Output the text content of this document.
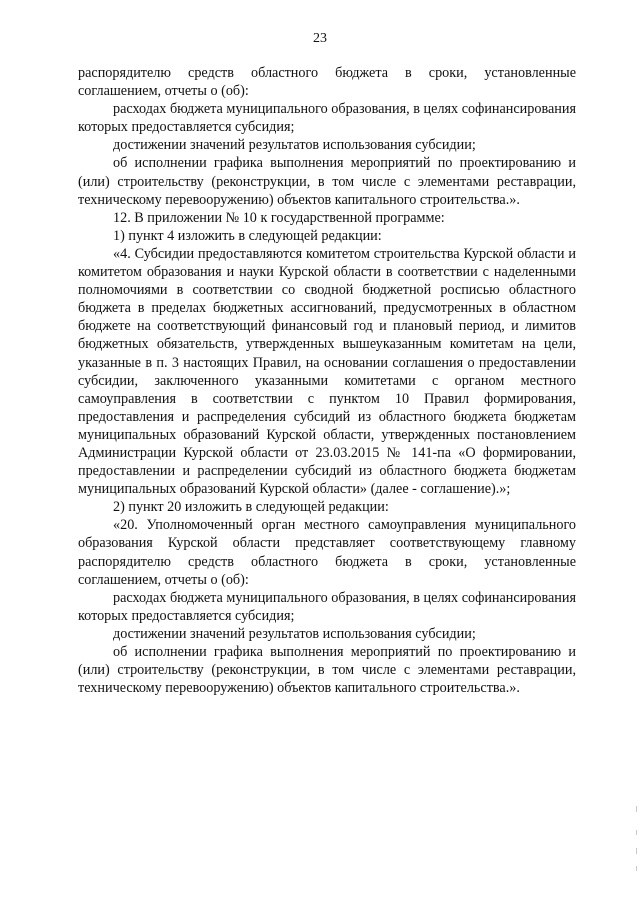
23

распорядителю средств областного бюджета в сроки, установленные соглашением, отчеты о (об):

расходах бюджета муниципального образования, в целях софинансирования которых предоставляется субсидия;

достижении значений результатов использования субсидии;

об исполнении графика выполнения мероприятий по проектированию и (или) строительству (реконструкции, в том числе с элементами реставрации, техническому перевооружению) объектов капитального строительства.».

12. В приложении № 10 к государственной программе:

1) пункт 4 изложить в следующей редакции:

«4. Субсидии предоставляются комитетом строительства Курской области и комитетом образования и науки Курской области в соответствии с наделенными полномочиями в соответствии со сводной бюджетной росписью областного бюджета в пределах бюджетных ассигнований, предусмотренных в областном бюджете на соответствующий финансовый год и плановый период, и лимитов бюджетных обязательств, утвержденных вышеуказанным комитетам на цели, указанные в п. 3 настоящих Правил, на основании соглашения о предоставлении субсидии, заключенного указанными комитетами с органом местного самоуправления в соответствии с пунктом 10 Правил формирования, предоставления и распределения субсидий из областного бюджета бюджетам муниципальных образований Курской области, утвержденных постановлением Администрации Курской области от 23.03.2015 № 141-па «О формировании, предоставлении и распределении субсидий из областного бюджета бюджетам муниципальных образований Курской области» (далее - соглашение).»;

2) пункт 20 изложить в следующей редакции:

«20. Уполномоченный орган местного самоуправления муниципального образования Курской области представляет соответствующему главному распорядителю средств областного бюджета в сроки, установленные соглашением, отчеты о (об):

расходах бюджета муниципального образования, в целях софинансирования которых предоставляется субсидия;

достижении значений результатов использования субсидии;

об исполнении графика выполнения мероприятий по проектированию и (или) строительству (реконструкции, в том числе с элементами реставрации, техническому перевооружению) объектов капитального строительства.».
